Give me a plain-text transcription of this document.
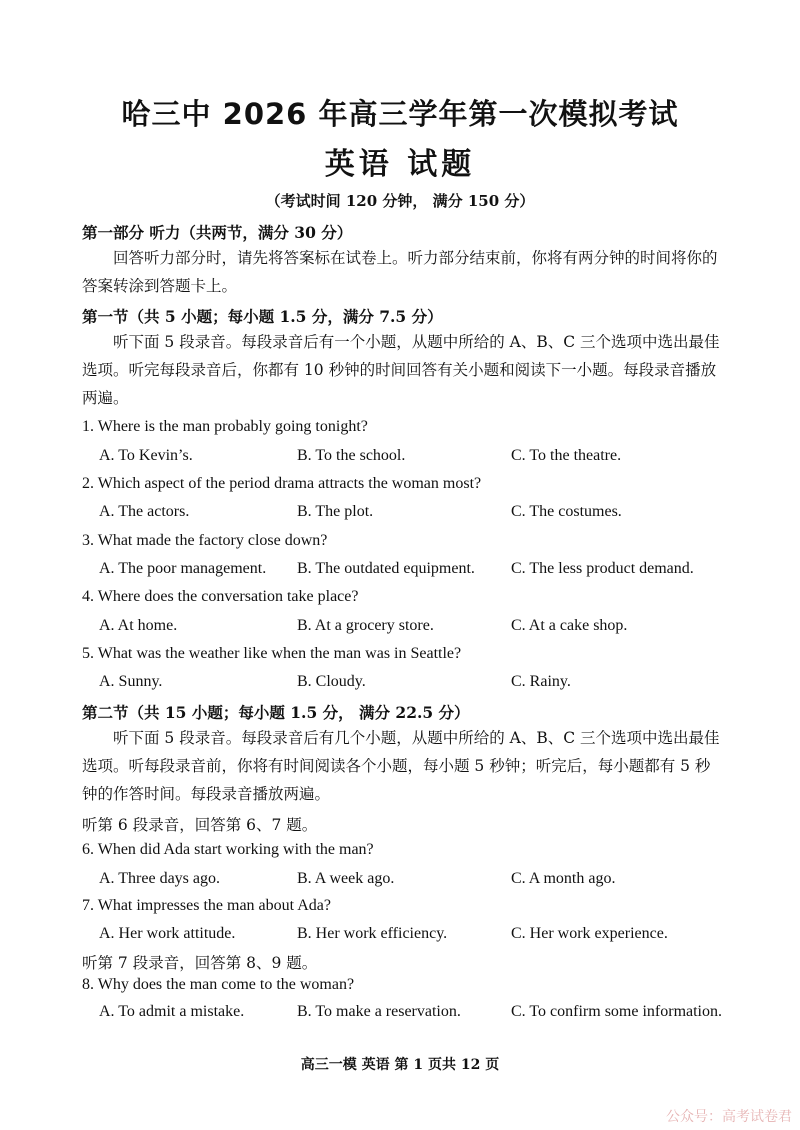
哈三中 2026 年高三学年第一次模拟考试
英语 试题
（考试时间 120 分钟， 满分 150 分）
第一部分 听力（共两节，满分 30 分）

回答听力部分时，请先将答案标在试卷上。听力部分结束前，你将有两分钟的时间将你的答案转涂到答题卡上。

第一节（共 5 小题；每小题 1.5 分，满分 7.5 分）

听下面 5 段录音。每段录音后有一个小题，从题中所给的 A、B、C 三个选项中选出最佳选项。听完每段录音后，你都有 10 秒钟的时间回答有关小题和阅读下一小题。每段录音播放两遍。

1. Where is the man probably going tonight?
A. To Kevin’s.	B. To the school.	C. To the theatre.
2. Which aspect of the period drama attracts the woman most?
A. The actors.	B. The plot.	C. The costumes.
3. What made the factory close down?
A. The poor management. B. The outdated equipment. C. The less product demand.
4. Where does the conversation take place?
A. At home.	B. At a grocery store.	C. At a cake shop.
5. What was the weather like when the man was in Seattle?
A. Sunny.	B. Cloudy.	C. Rainy.
第二节（共 15 小题；每小题 1.5 分， 满分 22.5 分）

听下面 5 段录音。每段录音后有几个小题，从题中所给的 A、B、C 三个选项中选出最佳选项。听每段录音前，你将有时间阅读各个小题，每小题 5 秒钟；听完后，每小题都有 5 秒钟的作答时间。每段录音播放两遍。

听第 6 段录音，回答第 6、7 题。
6. When did Ada start working with the man?
A. Three days ago.	B. A week ago.	C. A month ago.
7. What impresses the man about Ada?
A. Her work attitude.	B. Her work efficiency.	C. Her work experience.
听第 7 段录音，回答第 8、9 题。
8. Why does the man come to the woman?
A. To admit a mistake.	B. To make a reservation.	C. To confirm some information.
高三一模 英语 第 1 页共 12 页
公众号：高考试卷君
